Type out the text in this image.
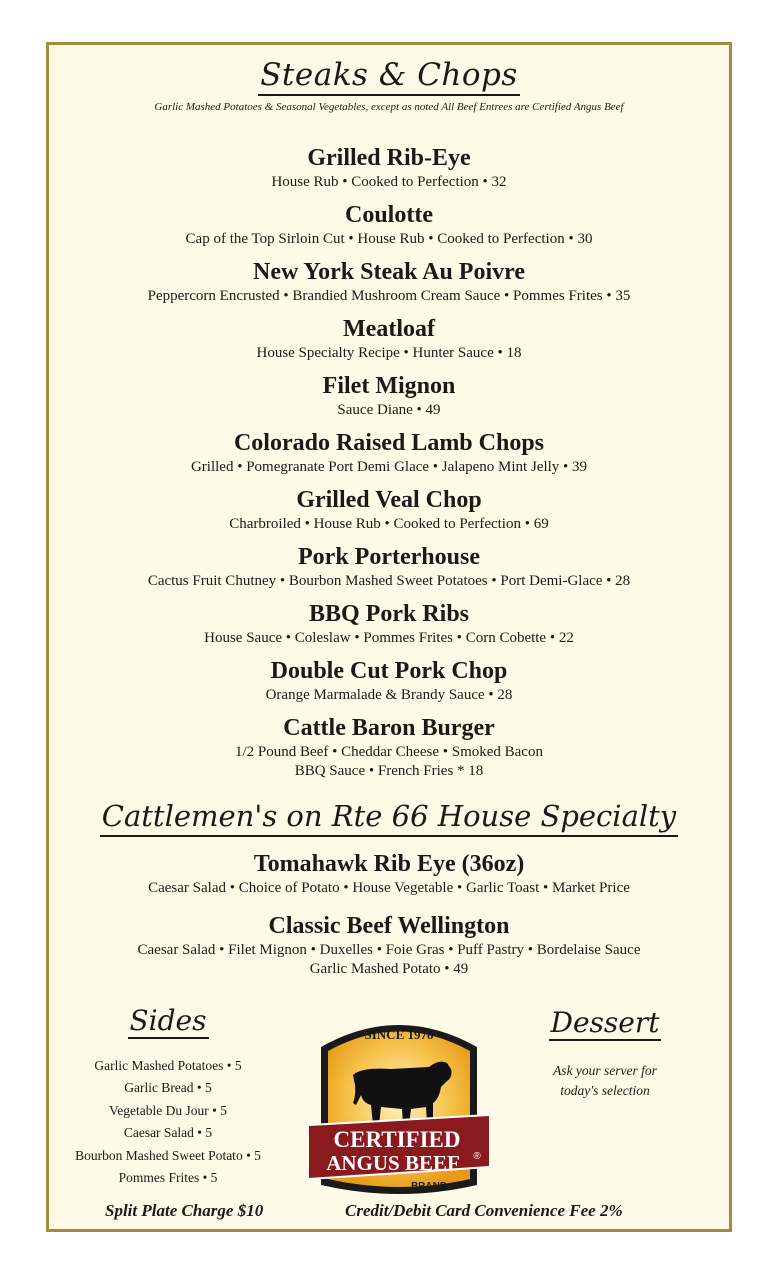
Steaks & Chops
Garlic Mashed Potatoes & Seasonal Vegetables, except as noted All Beef Entrees are Certified Angus Beef
Grilled Rib-Eye
House Rub • Cooked to Perfection • 32
Coulotte
Cap of the Top Sirloin Cut • House Rub • Cooked to Perfection • 30
New York Steak Au Poivre
Peppercorn Encrusted • Brandied Mushroom Cream Sauce • Pommes Frites • 35
Meatloaf
House Specialty Recipe • Hunter Sauce • 18
Filet Mignon
Sauce Diane • 49
Colorado Raised Lamb Chops
Grilled • Pomegranate Port Demi Glace • Jalapeno Mint Jelly • 39
Grilled Veal Chop
Charbroiled • House Rub • Cooked to Perfection • 69
Pork Porterhouse
Cactus Fruit Chutney • Bourbon Mashed Sweet Potatoes • Port Demi-Glace • 28
BBQ Pork Ribs
House Sauce • Coleslaw • Pommes Frites • Corn Cobette • 22
Double Cut Pork Chop
Orange Marmalade & Brandy Sauce • 28
Cattle Baron Burger
1/2 Pound Beef • Cheddar Cheese • Smoked Bacon
BBQ Sauce • French Fries * 18
Cattlemen's on Rte 66 House Specialty
Tomahawk Rib Eye (36oz)
Caesar Salad • Choice of Potato • House Vegetable • Garlic Toast • Market Price
Classic Beef Wellington
Caesar Salad • Filet Mignon • Duxelles • Foie Gras • Puff Pastry • Bordelaise Sauce
Garlic Mashed Potato • 49
Sides
Garlic Mashed Potatoes • 5
Garlic Bread • 5
Vegetable Du Jour • 5
Caesar Salad • 5
Bourbon Mashed Sweet Potato • 5
Pommes Frites • 5
SINCE 1978
CERTIFIED
ANGUS BEEF ®
BRAND
Dessert
Ask your server for
today's selection
Split Plate Charge $10	Credit/Debit Card Convenience Fee 2%
